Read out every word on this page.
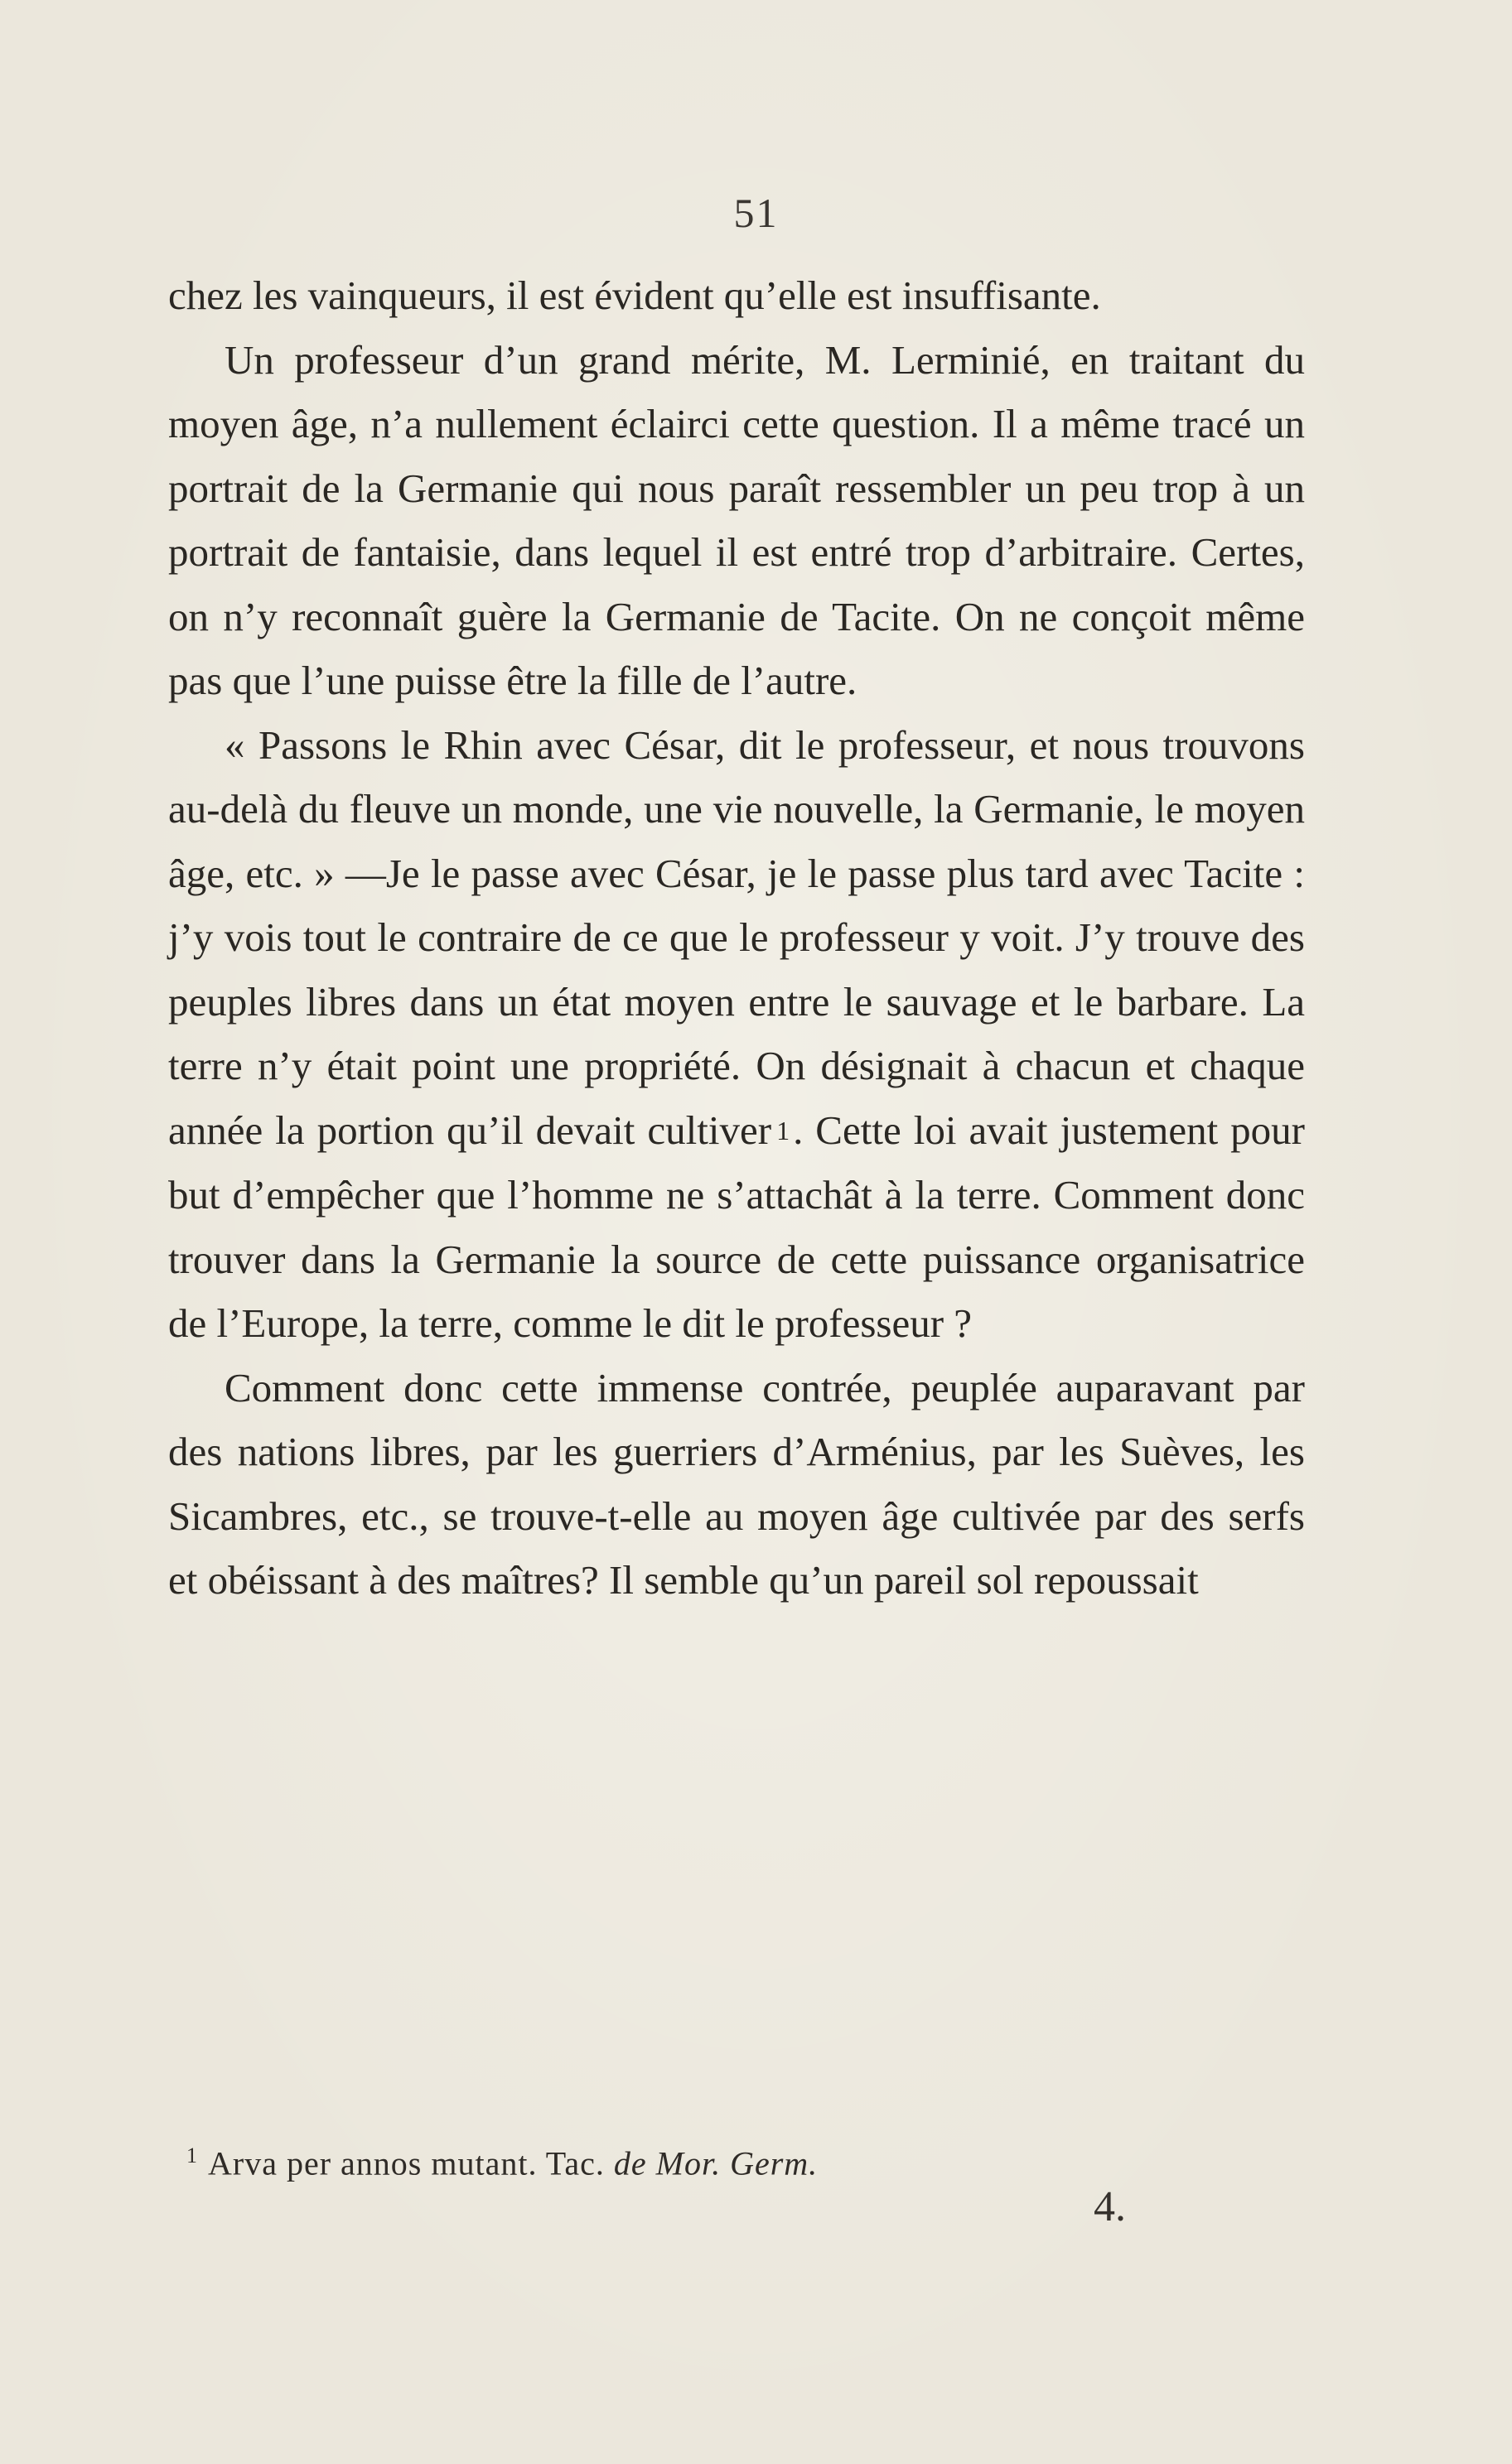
51

chez les vainqueurs, il est évident qu’elle est insuffisante.

Un professeur d’un grand mérite, M. Lerminié, en traitant du moyen âge, n’a nullement éclairci cette question. Il a même tracé un portrait de la Germanie qui nous paraît ressembler un peu trop à un portrait de fantaisie, dans lequel il est entré trop d’arbitraire. Certes, on n’y reconnaît guère la Germanie de Tacite. On ne conçoit même pas que l’une puisse être la fille de l’autre.

« Passons le Rhin avec César, dit le professeur, et nous trouvons au-delà du fleuve un monde, une vie nouvelle, la Germanie, le moyen âge, etc. » —Je le passe avec César, je le passe plus tard avec Tacite : j’y vois tout le contraire de ce que le professeur y voit. J’y trouve des peuples libres dans un état moyen entre le sauvage et le barbare. La terre n’y était point une propriété. On désignait à chacun et chaque année la portion qu’il devait cultiver 1. Cette loi avait justement pour but d’empêcher que l’homme ne s’attachât à la terre. Comment donc trouver dans la Germanie la source de cette puissance organisatrice de l’Europe, la terre, comme le dit le professeur ?

Comment donc cette immense contrée, peuplée auparavant par des nations libres, par les guerriers d’Arménius, par les Suèves, les Sicambres, etc., se trouve-t-elle au moyen âge cultivée par des serfs et obéissant à des maîtres? Il semble qu’un pareil sol repoussait

$^1$ Arva per annos mutant. Tac. de Mor. Germ.
4.
